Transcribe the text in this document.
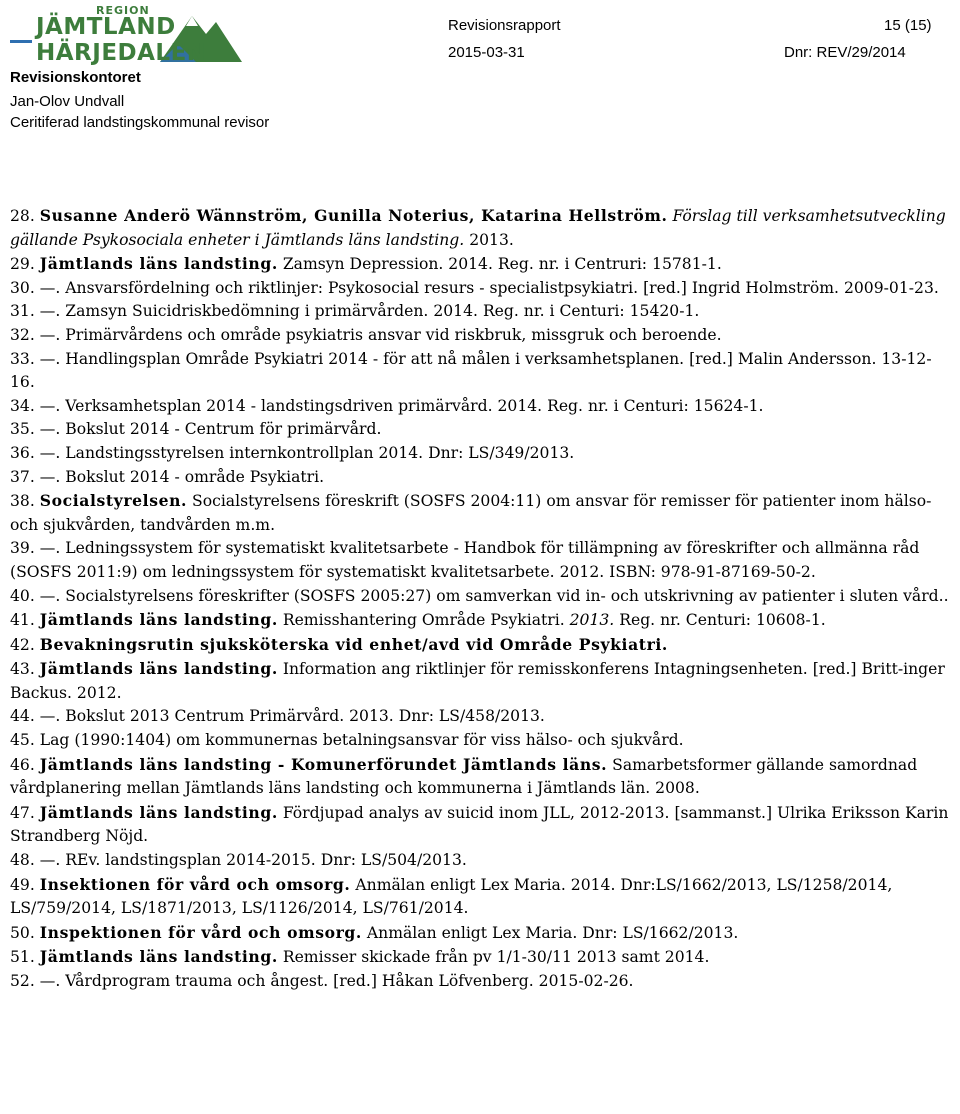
REGION
JÄMTLAND
HÄRJEDALEN
Revisionskontoret
Jan-Olov Undvall
Ceritiferad landstingskommunal revisor
Revisionsrapport
2015-03-31
15 (15)
Dnr: REV/29/2014

28. Susanne Anderö Wännström, Gunilla Noterius, Katarina Hellström. Förslag till verksamhetsutveckling gällande Psykosociala enheter i Jämtlands läns landsting. 2013.

29. Jämtlands läns landsting. Zamsyn Depression. 2014. Reg. nr. i Centruri: 15781-1.

30. —. Ansvarsfördelning och riktlinjer: Psykosocial resurs - specialistpsykiatri. [red.] Ingrid Holmström. 2009-01-23.

31. —. Zamsyn Suicidriskbedömning i primärvården. 2014. Reg. nr. i Centuri: 15420-1.

32. —. Primärvårdens och område psykiatris ansvar vid riskbruk, missgruk och beroende.

33. —. Handlingsplan Område Psykiatri 2014 - för att nå målen i verksamhetsplanen. [red.] Malin Andersson. 13-12-16.

34. —. Verksamhetsplan 2014 - landstingsdriven primärvård. 2014. Reg. nr. i Centuri: 15624-1.

35. —. Bokslut 2014 - Centrum för primärvård.

36. —. Landstingsstyrelsen internkontrollplan 2014. Dnr: LS/349/2013.

37. —. Bokslut 2014 - område Psykiatri.

38. Socialstyrelsen. Socialstyrelsens föreskrift (SOSFS 2004:11) om ansvar för remisser för patienter inom hälso- och sjukvården, tandvården m.m.

39. —. Ledningssystem för systematiskt kvalitetsarbete - Handbok för tillämpning av föreskrifter och allmänna råd (SOSFS 2011:9) om ledningssystem för systematiskt kvalitetsarbete. 2012. ISBN: 978-91-87169-50-2.

40. —. Socialstyrelsens föreskrifter (SOSFS 2005:27) om samverkan vid in- och utskrivning av patienter i sluten vård..

41. Jämtlands läns landsting. Remisshantering Område Psykiatri. 2013. Reg. nr. Centuri: 10608-1.

42. Bevakningsrutin sjuksköterska vid enhet/avd vid Område Psykiatri.

43. Jämtlands läns landsting. Information ang riktlinjer för remisskonferens Intagningsenheten. [red.] Britt-inger Backus. 2012.

44. —. Bokslut 2013 Centrum Primärvård. 2013. Dnr: LS/458/2013.

45. Lag (1990:1404) om kommunernas betalningsansvar för viss hälso- och sjukvård.

46. Jämtlands läns landsting - Komunerförundet Jämtlands läns. Samarbetsformer gällande samordnad vårdplanering mellan Jämtlands läns landsting och kommunerna i Jämtlands län. 2008.

47. Jämtlands läns landsting. Fördjupad analys av suicid inom JLL, 2012-2013. [sammanst.] Ulrika Eriksson Karin Strandberg Nöjd.

48. —. REv. landstingsplan 2014-2015. Dnr: LS/504/2013.

49. Insektionen för vård och omsorg. Anmälan enligt Lex Maria. 2014. Dnr:LS/1662/2013, LS/1258/2014, LS/759/2014, LS/1871/2013, LS/1126/2014, LS/761/2014.

50. Inspektionen för vård och omsorg. Anmälan enligt Lex Maria. Dnr: LS/1662/2013.

51. Jämtlands läns landsting. Remisser skickade från pv 1/1-30/11 2013 samt 2014.

52. —. Vårdprogram trauma och ångest. [red.] Håkan Löfvenberg. 2015-02-26.
